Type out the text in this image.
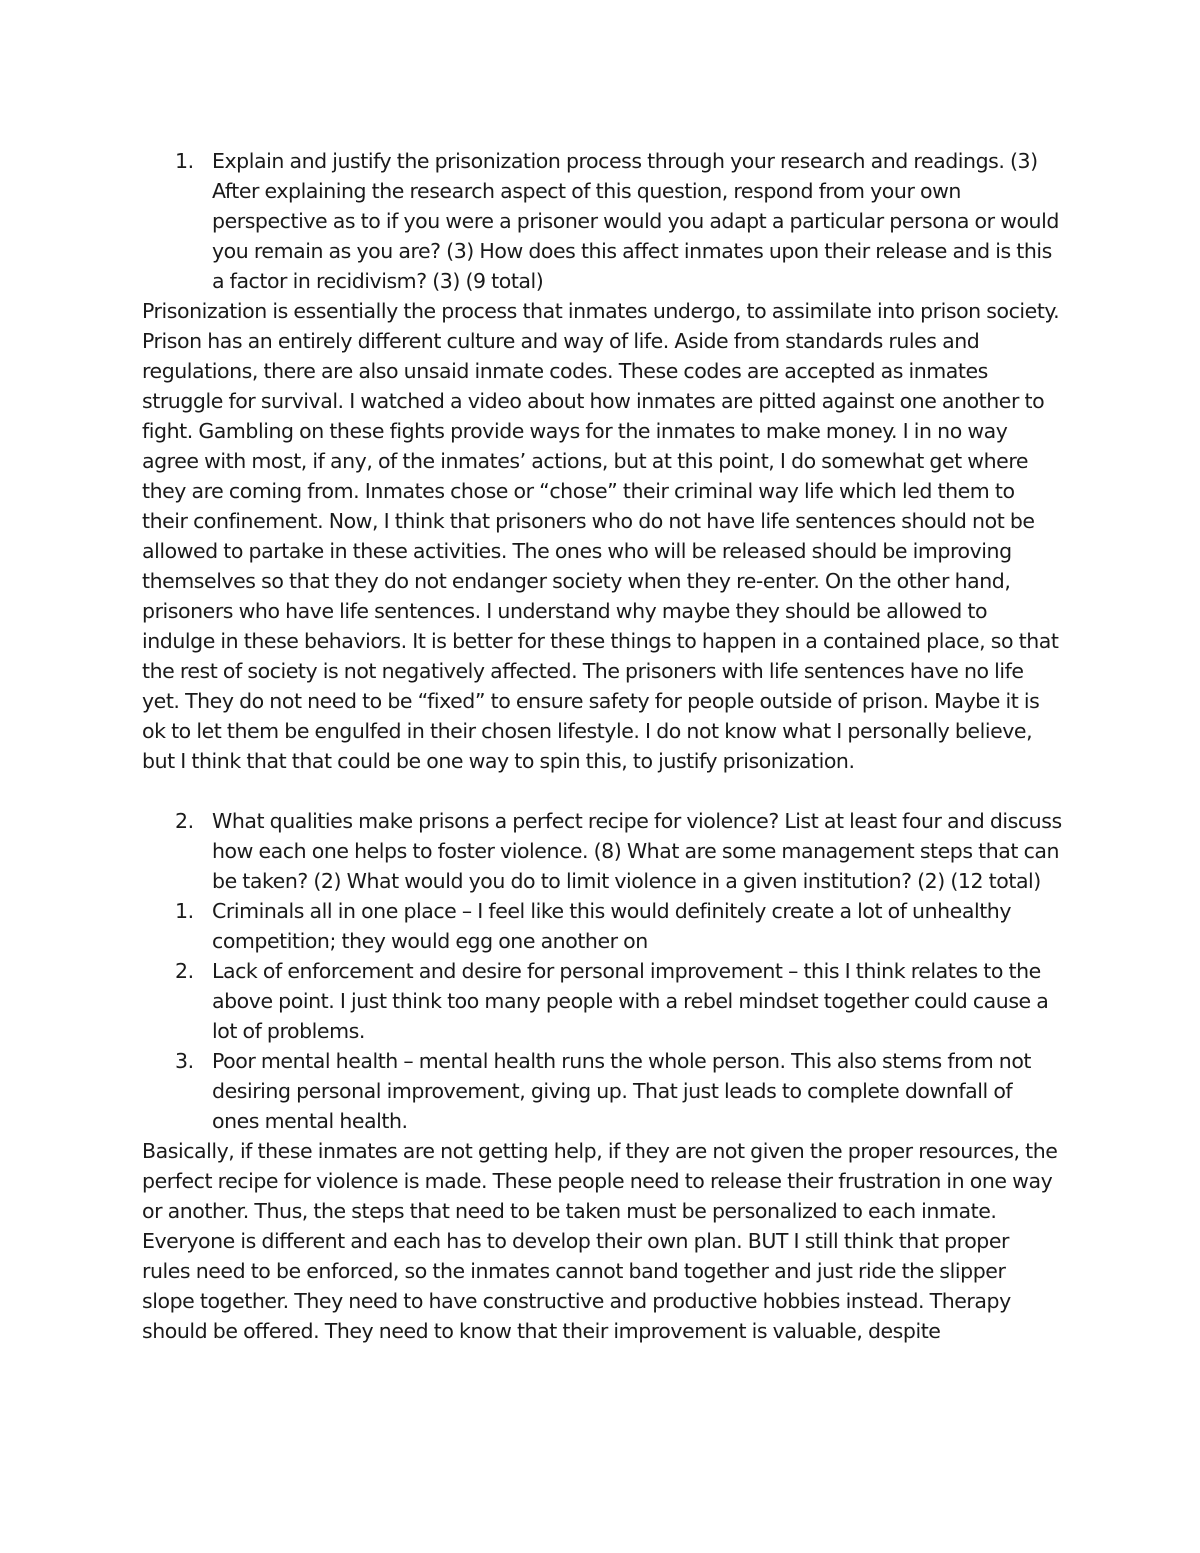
1. Explain and justify the prisonization process through your research and readings. (3) After explaining the research aspect of this question, respond from your own perspective as to if you were a prisoner would you adapt a particular persona or would you remain as you are? (3) How does this affect inmates upon their release and is this a factor in recidivism? (3) (9 total)

Prisonization is essentially the process that inmates undergo, to assimilate into prison society. Prison has an entirely different culture and way of life. Aside from standards rules and regulations, there are also unsaid inmate codes. These codes are accepted as inmates struggle for survival. I watched a video about how inmates are pitted against one another to fight. Gambling on these fights provide ways for the inmates to make money. I in no way agree with most, if any, of the inmates’ actions, but at this point, I do somewhat get where they are coming from. Inmates chose or “chose” their criminal way life which led them to their confinement. Now, I think that prisoners who do not have life sentences should not be allowed to partake in these activities. The ones who will be released should be improving themselves so that they do not endanger society when they re-enter. On the other hand, prisoners who have life sentences. I understand why maybe they should be allowed to indulge in these behaviors. It is better for these things to happen in a contained place, so that the rest of society is not negatively affected. The prisoners with life sentences have no life yet. They do not need to be “fixed” to ensure safety for people outside of prison. Maybe it is ok to let them be engulfed in their chosen lifestyle. I do not know what I personally believe, but I think that that could be one way to spin this, to justify prisonization.

2. What qualities make prisons a perfect recipe for violence? List at least four and discuss how each one helps to foster violence. (8) What are some management steps that can be taken? (2) What would you do to limit violence in a given institution? (2) (12 total)
1. Criminals all in one place – I feel like this would definitely create a lot of unhealthy competition; they would egg one another on
2. Lack of enforcement and desire for personal improvement – this I think relates to the above point. I just think too many people with a rebel mindset together could cause a lot of problems.
3. Poor mental health – mental health runs the whole person. This also stems from not desiring personal improvement, giving up. That just leads to complete downfall of ones mental health.

Basically, if these inmates are not getting help, if they are not given the proper resources, the perfect recipe for violence is made. These people need to release their frustration in one way or another. Thus, the steps that need to be taken must be personalized to each inmate. Everyone is different and each has to develop their own plan. BUT I still think that proper rules need to be enforced, so the inmates cannot band together and just ride the slipper slope together. They need to have constructive and productive hobbies instead. Therapy should be offered. They need to know that their improvement is valuable, despite
